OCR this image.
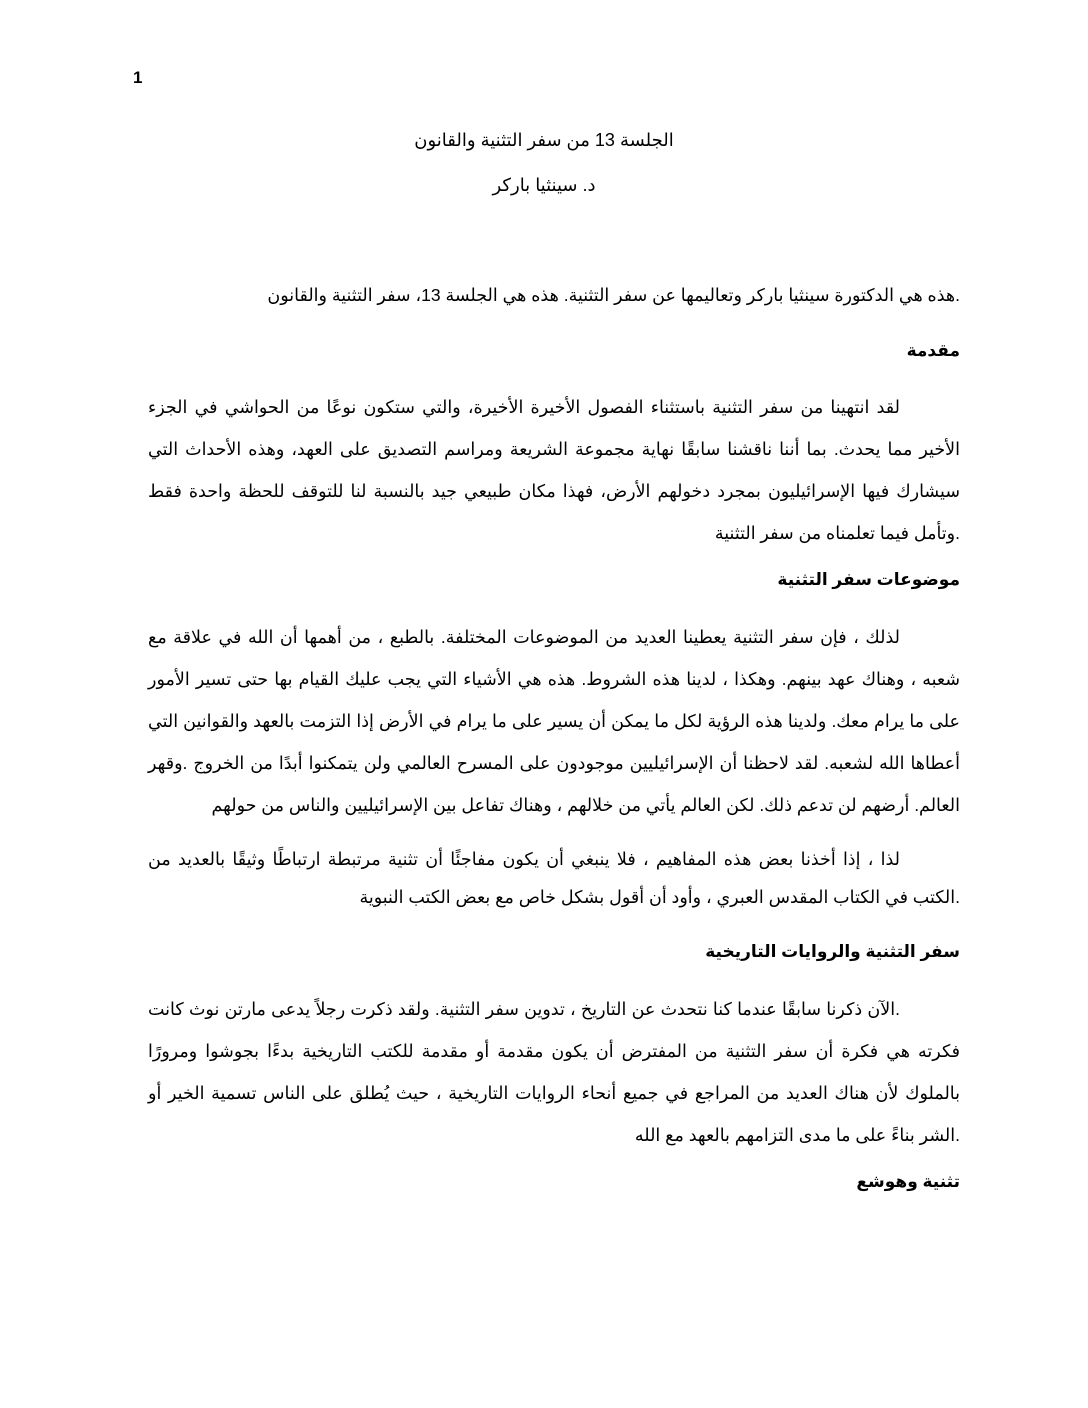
1
الجلسة 13 من سفر التثنية والقانون
د. سينثيا باركر
.هذه هي الدكتورة سينثيا باركر وتعاليمها عن سفر التثنية. هذه هي الجلسة 13، سفر التثنية والقانون
مقدمة

لقد انتهينا من سفر التثنية باستثناء الفصول الأخيرة الأخيرة، والتي ستكون نوعًا من الحواشي في الجزء الأخير مما يحدث. بما أننا ناقشنا سابقًا نهاية مجموعة الشريعة ومراسم التصديق على العهد، وهذه الأحداث التي سيشارك فيها الإسرائيليون بمجرد دخولهم الأرض، فهذا مكان طبيعي جيد بالنسبة لنا للتوقف للحظة واحدة فقط .وتأمل فيما تعلمناه من سفر التثنية

موضوعات سفر التثنية

لذلك ، فإن سفر التثنية يعطينا العديد من الموضوعات المختلفة. بالطبع ، من أهمها أن الله في علاقة مع شعبه ، وهناك عهد بينهم. وهكذا ، لدينا هذه الشروط. هذه هي الأشياء التي يجب عليك القيام بها حتى تسير الأمور على ما يرام معك. ولدينا هذه الرؤية لكل ما يمكن أن يسير على ما يرام في الأرض إذا التزمت بالعهد والقوانين التي أعطاها الله لشعبه. لقد لاحظنا أن الإسرائيليين موجودون على المسرح العالمي ولن يتمكنوا أبدًا من الخروج .وقهر العالم. أرضهم لن تدعم ذلك. لكن العالم يأتي من خلالهم ، وهناك تفاعل بين الإسرائيليين والناس من حولهم

لذا ، إذا أخذنا بعض هذه المفاهيم ، فلا ينبغي أن يكون مفاجئًا أن تثنية مرتبطة ارتباطًا وثيقًا بالعديد من .الكتب في الكتاب المقدس العبري ، وأود أن أقول بشكل خاص مع بعض الكتب النبوية

سفر التثنية والروايات التاريخية

.الآن ذكرنا سابقًا عندما كنا نتحدث عن التاريخ ، تدوين سفر التثنية. ولقد ذكرت رجلاً يدعى مارتن نوث كانت فكرته هي فكرة أن سفر التثنية من المفترض أن يكون مقدمة أو مقدمة للكتب التاريخية بدءًا بجوشوا ومرورًا بالملوك لأن هناك العديد من المراجع في جميع أنحاء الروايات التاريخية ، حيث يُطلق على الناس تسمية الخير أو .الشر بناءً على ما مدى التزامهم بالعهد مع الله

تثنية وهوشع
